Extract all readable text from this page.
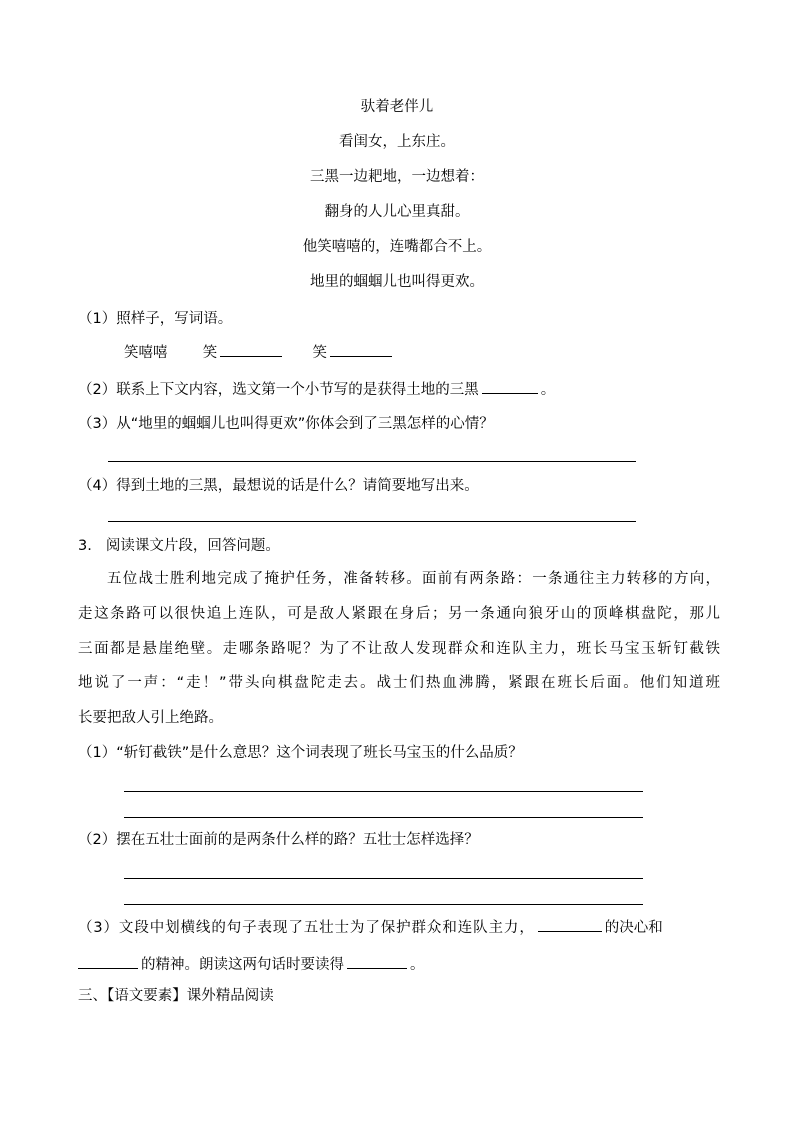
驮着老伴儿
看闺女，上东庄。
三黑一边耙地，一边想着：
翻身的人儿心里真甜。
他笑嘻嘻的，连嘴都合不上。
地里的蝈蝈儿也叫得更欢。
（1）照样子，写词语。
笑嘻嘻 笑	笑
（2）联系上下文内容，选文第一个小节写的是获得土地的三黑	。
（3）从“地里的蝈蝈儿也叫得更欢”你体会到了三黑怎样的心情？
（4）得到土地的三黑，最想说的话是什么？请简要地写出来。
3. 阅读课文片段，回答问题。
五位战士胜利地完成了掩护任务，准备转移。面前有两条路：一条通往主力转移的方向，
走这条路可以很快追上连队，可是敌人紧跟在身后；另一条通向狼牙山的顶峰棋盘陀，那儿
三面都是悬崖绝壁。走哪条路呢？为了不让敌人发现群众和连队主力，班长马宝玉斩钉截铁
地说了一声：“走！”带头向棋盘陀走去。战士们热血沸腾，紧跟在班长后面。他们知道班
长要把敌人引上绝路。
（1）“斩钉截铁”是什么意思？这个词表现了班长马宝玉的什么品质？
（2）摆在五壮士面前的是两条什么样的路？五壮士怎样选择？
（3）文段中划横线的句子表现了五壮士为了保护群众和连队主力，	的决心和
的精神。朗读这两句话时要读得	。
三、【语文要素】课外精品阅读
